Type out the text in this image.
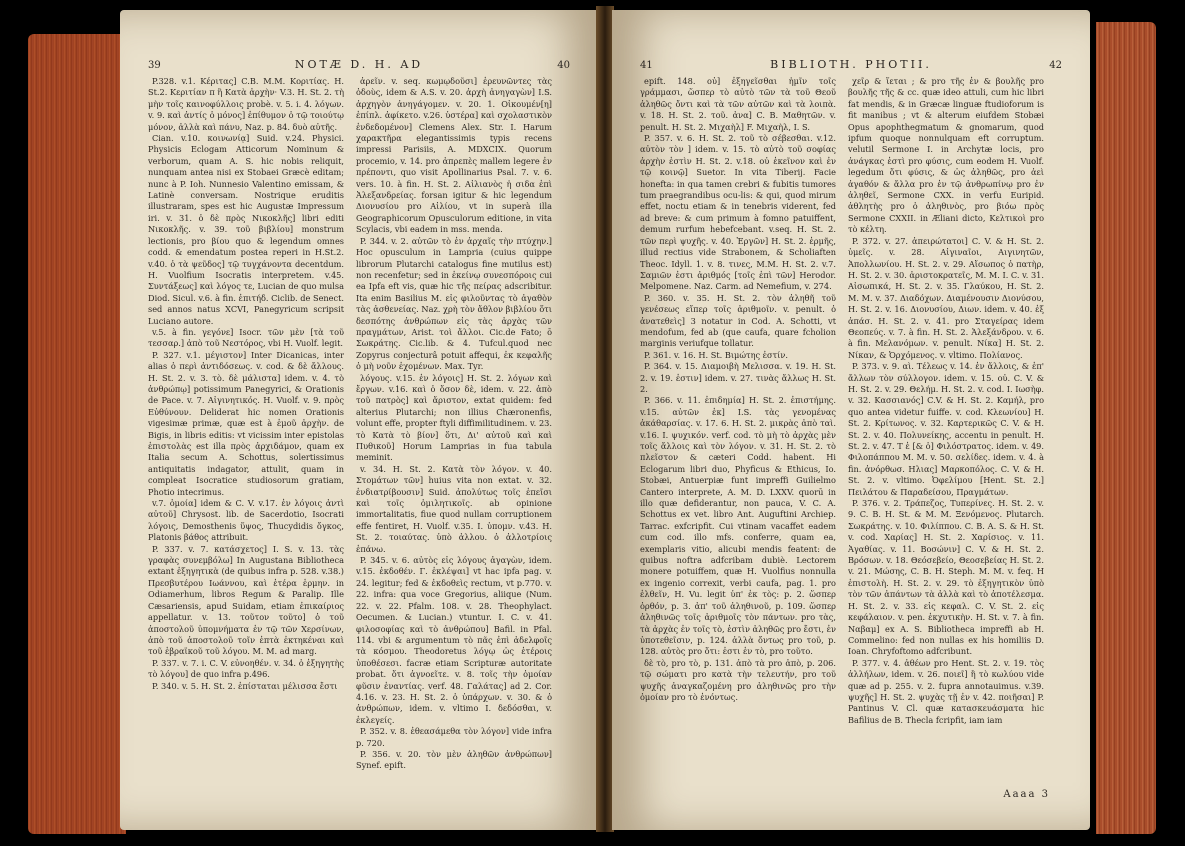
39	NOTÆ D. H. AD	40

P.328. v.1. Κέριτας] C.B. M.M. Κοριτίας. H. St.2. Κεριτίαν π ἢ Κατὰ ἀρχὴν· V.3. H. St. 2. τὴ μὴν τοῖς καινοφύλλοις probè. v. 5. i. 4. λόγων. v. 9. καὶ ἀντίς ὁ μόνος] ἐπίθυμον ὁ τῷ τοιούτῳ μόνον, ἀλλὰ καὶ πάνυ, Naz. p. 84. δυὸ αὐτῆς.

Cian. v.10. κοινωνίᾳ] Suid. v.24. Physici. Physicis Eclogam Atticorum Nominum & verborum, quam A. S. hic nobis reliquit, nunquam antea nisi ex Stobaei Græcè editam; nunc à P. Ioh. Nunnesio Valentino emissam, & Latinè conversam. Nostrique eruditis illustraram, spes est hic Augustæ Impressum iri. v. 31. ὁ δὲ πρὸς Νικοκλῆς] libri editi Νικοκλῆς. v. 39. τοῦ βιβλίου] monstrum lectionis, pro βίου quo & legendum omnes codd. & emendatum postea reperi in H.St.2. v.40. ὁ τὰ ψεῦδος] τῷ τυγχάνοντα decentdum. H. Vuolfium Isocratis interpretem. v.45. Συντάξεως] καὶ λόγος τε, Lucian de quo mulsa Diod. Sicul. v.6. à fin. ἐπιτήδ. Ciclib. de Senect. sed annos natus XCVI, Panegyricum scripsit Luciano autore.

v.5. à fin. γεγόνε] Isocr. τῶν μὲν [τὰ τοῦ τεσσαρ.] ἀπὸ τοῦ Νεστόρος, vbi H. Vuolf. legit.

P. 327. v.1. μέγιστον] Inter Dicanicas, inter alias ὁ περὶ ἀντιδόσεως. v. cod. & δὲ ἄλλους. H. St. 2. v. 3. τὸ. δὲ μάλιστα] idem. v. 4. τὸ ἀνθρώπῳ] potissimum Panegyrici, & Orationis de Pace. v. 7. Αἰγινητικός. H. Vuolf. v. 9. πρὸς Εὐθύνουν. Deliderat hic nomen Orationis vigesimæ primæ, quæ est à ἐμοῦ ἀρχὴν. de Bigis, in libris editis: vt vicissim inter epistolas ἐπιστολὰς est illa πρὸς ἀρχιδάμον, quam ex Italia secum A. Schottus, solertissimus antiquitatis indagator, attulit, quam in compleat Isocratice studiosorum gratiam, Photio intecrimus.

v.7. ὁμοία] idem & C. V. v.17. ἐν λόγοις ἀντὶ αὐτοῦ] Chrysost. lib. de Sacerdotio, Isocrati λόγοις, Demosthenis ὕψος, Thucydidis ὄγκος, Platonis βάθος attribuit.

P. 337. v. 7. κατάσχετος] I. S. v. 13. τὰς γραφὰς συνεμβόλω] In Augustana Bibliotheca extant ἐξηγητικὰ (de quibus infra p. 528. v.38.) Πρεσβυτέρου Ιωάννου, καὶ ἑτέρα ἑρμην. in Odiamerhum, libros Regum & Paralip. Ille Cæsariensis, apud Suidam, etiam ἐπικαίριος appellatur. v. 13. τοῦτον τοῦτο] ὁ τοῦ ἀποστολοῦ ὑπομνήματα ἐν τῷ τῶν Χερσίνων, ἀπὸ τοῦ ἀποστολοῦ τοῖν ἑπτὰ ἐκτηκέναι καὶ τοῦ ἑβραϊκοῦ τοῦ λόγου. M. M. ad marg.

P. 337. v. 7. i. C. V. εὐνοηθέν. v. 34. ὁ ἐξηγητὴς τὸ λόγου] de quo infra p.496.

P. 340. v. 5. H. St. 2. ἐπίσταται μέλισσα ἔστι

ἀρεῖν. v. seq. κωμῳδοῦσι] ἐρευνῶντες τὰς ὁδοὺς, idem & A.S. v. 20. ἀρχὴ ἀνηγαγὼν] I.S. ἀρχηγὸν ἀνηγάγομεν. v. 20. 1. Οἰκουμέν[η] ἐπίπλ. ἀφίκετο. v.26. ὑστέρα] καὶ σχολαστικὸν ἐνδεδομένον] Clemens Alex. Str. I. Harum χαρακτῆρα elegantissimis typis recens impressi Parisiis, A. MDXCIX. Quorum procemio, v. 14. pro ἀπρεπὲς mallem legere ἐν πρέποντι, quo visit Apollinarius Psal. 7. v. 6. vers. 10. à fin. H. St. 2. Αἰλιανὸς ἡ σιδα ἐπὶ Ἀλεξανδρείας. forsan igitur & hic legendum Διονυσίου pro Αἰλίου, vt in superà illa Geographicorum Opusculorum editione, in vita Scylacis, vbi eadem in mss. menda.

P. 344. v. 2. αὐτῶν τὸ ἐν ἀρχαῖς τὴν πτύχην.] Hoc opusculum in Lampria (cuius quippe librorum Plutarchi catalogus fine mutilus est) non recenfetur; sed in ἐκείνῳ συνεσπόροις cui ea Ipfa eft vis, quæ hic τῆς πείρας adscribitur. Ita enim Basilius M. εἰς φιλοῦντας τὸ ἀγαθὸν τὰς ἀσθενείας. Naz. χρὴ τὸν ἄθλον βιβλίου ὅτι δεσπότης ἀνθρώπων εἰς τὰς ἀρχὰς τῶν πραγμάτων, Arist. τοὶ ἄλλοι. Cic.de Fato; ō Σωκράτης. Cic.lib. & 4. Tufcul.quod nec Zopyrus conjecturâ potuit affequi, ἐκ κεφαλῆς ὁ μὴ νοῦν ἐχομένων. Max. Tyr.

λόγους. v.15. ἐν λόγοις] H. St. 2. λόγων καὶ ἔργων. v.16. καὶ ὁ ὅσον δὲ, idem. v. 22. ἀπὸ τοῦ πατρὸς] καὶ ἄριστον, extat quidem: fed alterius Plutarchi; non illius Chæronenfis, volunt effe, propter ftyli diffimilitudinem. v. 23. τὸ Κατὰ τὸ βίον] ὅτι, Δι' αὐτοῦ καὶ καὶ Πυθικοῦ] Horum Lamprias in fua tabula meminit.

v. 34. H. St. 2. Κατὰ τὸν λόγον. v. 40. Στομάτων τῶν] huius vita non extat. v. 32. ἐνδιατρίβουσιν] Suid. ἀπολύτως τοῖς ἐπεῖσι καὶ τοῖς ὁμιλητικοῖς. ab opinione immortalitatis, fiue quod nullam corruptionem effe fentiret, H. Vuolf. v.35. I. ὑπομν. v.43. H. St. 2. τοιαύτας. ὑπὸ ἀλλου. ὁ ἀλλοτρίοις ἐπάνω.

P. 345. v. 6. αὐτὸς εἰς λόγους ἀγαγὼν, idem. v.15. ἐκδοθέν. Γ. ἐκλέψαι] vt hac ipfa pag. v. 24. legitur; fed & ἐκδοθεὶς rectum, vt p.770. v. 22. infra: qua voce Gregorius, aliique (Num. 22. v. 22. Pfalm. 108. v. 28. Theophylact. Oecumen. & Lucian.) vtuntur. I. C. v. 41. φιλοσοφίας καὶ τὸ ἀνθρώπου] Bafil. in Pfal. 114. vbi & argumentum τὸ πᾶς ἐπὶ ἀδελφοῖς τὰ κόσμου. Theodoretus λόγῳ ὡς ἑτέροις ὑποθέσεσι. facræ etiam Scripturæ autoritate probat. ὅτι ἀγνοεῖτε. v. 8. τοῖς τὴν ὁμοίαν φῦσιν ἐναντίας. verf. 48. Γαλάτας] ad 2. Cor. 4.16. v. 23. H. St. 2. ὁ ὑπάρχων. v. 30. & ὁ ἀνθρώπων, idem. v. vltimo I. δεδόσθαι, v. ἐκλεγείς.

P. 352. v. 8. ἐθεασάμεθα τὸν λόγον] vide infra p. 720.

P. 356. v. 20. τὸν μὲν ἀληθῶν ἀνθρώπων] Synef. epift.

41	BIBLIOTH. PHOTII.	42

epift. 148. οὐ] ἐξηγεῖσθαι ἡμῖν τοῖς γράμμασι, ὥσπερ τὸ αὐτὸ τῶν τὰ τοῦ Θεοῦ ἀληθῶς ὄντι καὶ τὰ τῶν αὐτῶν καὶ τὰ λοιπὰ. v. 18. H. St. 2. τοῦ. ἀνα] C. B. Μαθητῶν. v. penult. H. St. 2. Μιχαὴλ] F. Μιχαὴλ, I. S.

P. 357. v. 6. H. St. 2. τοῦ τὸ σέβεσθαι. v.12. αὐτὸν τὸν ] idem. v. 15. τὸ αὐτὸ τοῦ σοφίας ἀρχὴν ἐστὶν H. St. 2. v.18. οὐ ἐκεῖνον καὶ ἐν τῷ κοινῷ] Suetor. In vita Tiberij. Facie honefta: in qua tamen crebri & fubitis tumores tum praegrandibus ocu-lis: & qui, quod mirum effet, noctu etiam & in tenebris viderent, fed ad breve: & cum primum à fomno patuiffent, demum rurfum hebefcebant. v.seq. H. St. 2. τῶν περὶ ψυχῆς. v. 40. Ἐργῶν] H. St. 2. ἑρμῆς, illud rectius vide Strabonem, & Scholiaften Theoc. Idyll. 1. v. 8. τινες, M.M. H. St. 2. v.7. Σαμιῶν ἐστι ἀριθμός [τοῖς ἐπὶ τῶν] Herodor. Melpomene. Naz. Carm. ad Nemefium, v. 274.

P. 360. v. 35. H. St. 2. τὸν ἀληθῆ τοῦ γενέσεως εἴπερ τοῖς ἀριθμοῖν. v. penult. ὁ ἀνατεθεὶς] 3 notatur in Cod. A. Schotti, vt mendofum, fed ab (que caufa, quare fcholion marginis veriufque tollatur.

P. 361. v. 16. H. St. Βιμώτης ἐστίν.

P. 364. v. 15. Διαμοιβὴ Μελισσα. v. 19. H. St. 2. v. 19. ἐστιν] idem. v. 27. τινὰς ἄλλως H. St. 2.

P. 366. v. 11. ἐπιδημία] H. St. 2. ἐπιστήμης. v.15. αὐτῶν ἐκ] I.S. τὰς γενομένας ἀκάθαρσίας. v. 17. 6. H. St. 2. μικρὰς ἀπὸ ταὶ. v.16. I. ψυχικόν. verf. cod. τὸ μὴ τὸ ἀρχὰς μὲν τοῖς ἄλλοις καὶ τὸν λόγον. v. 31. H. St. 2. τὸ πλεῖστον & cæteri Codd. habent. Hi Eclogarum libri duo, Phyficus & Ethicus, Io. Stobæi, Antuerpiæ funt impreffi Guilielmo Cantero interprete, A. M. D. LXXV. quorū in illo quæ defiderantur, non pauca, V. C. A. Schottus ex vet. libro Ant. Auguftini Archiep. Tarrac. exfcripfit. Cui vtinam vacaffet eadem cum cod. illo mfs. conferre, quam ea, exemplaris vitio, alicubi mendis featent: de quibus noftra adfcribam dubiè. Lectorem monere potuiffem, quæ H. Vuolfius nonnulla ex ingenio correxit, verbi caufa, pag. 1. pro ἐλθεῖν, H. Vu. legit ὑπ' ἐκ τὸς: p. 2. ὥσπερ ὀρθόν, p. 3. ἀπ' τοῦ ἀληθινοῦ, p. 109. ὥσπερ ἀληθινῶς τοῖς ἀριθμοῖς τὸν πάντων. pro τὰς, τὰ ἀρχὰς ἐν τοῖς τὸ, ἐστὶν ἀληθῶς pro ἔστι, ἐν ὑποτεθεῖσιν, p. 124. ἀλλὰ ὄντως pro τοῦ, p. 128. αὐτὸς pro ὅτι: ἐστι ἐν τὸ, pro τοῦτο.

δὲ τὸ, pro τὸ, p. 131. ἀπὸ τὰ pro ἀπὸ, p. 206. τῷ σώματι pro κατὰ τὴν τελευτήν, pro τοῦ ψυχῆς ἀναγκαζομένη pro ἀληθινῶς pro τὴν ὁμοίαν pro τὸ ἐνόντως.

χεῖρ & ἵεται ; & pro τῆς ἐν & βουλῆς pro βουλῆς τῆς & cc. quæ ideo attuli, cum hic libri fat mendis, & in Græcæ linguæ ftudioforum is fit manibus ; vt & alterum eiufdem Stobæi Opus apophthegmatum & gnomarum, quod ipfum quoque nonnulquam eft corruptum. velutil Sermone I. in Archytæ locis, pro ἀνάγκας ἐστὶ pro φύσις, cum eodem H. Vuolf. legedum ὅτι φύσις, & ὡς ἀληθῶς, pro ἀεὶ ἀγαθόν & ἄλλα pro ἐν τῷ ἀνθρωπίνῳ pro ἐν ἀληθεῖ, Sermone CXX. in verfu Euripid. ἀθλητὴς pro ὁ ἀληθινὸς, pro βιόω πρὸς Sermone CXXII. in Æliani dicto, Κελτικοὶ pro τὸ κέλτη.

P. 372. v. 27. ἀπειρώτατοι] C. V. & H. St. 2. ὑμεῖς. v. 28. Αἰγιναῖοι, Αιγινητῶν, Ἀπολλωνίου. H. St. 2. v. 29. Αἴσωπος ὁ πατὴρ, H. St. 2. v. 30. ἀριστοκρατεῖς, M. M. I. C. v. 31. Αἰσωπικά, H. St. 2. v. 35. Γλαύκου, H. St. 2. M. M. v. 37. Διαδόχων. Διαμένουσιν Διονύσου, H. St. 2. v. 16. Διονυσίου, Διων. idem. v. 40. ἐξ ἁπάσ. H. St. 2. v. 41. pro Σταγείρας idem Θεοπεύς. v. 7. à fin. H. St. 2. Ἀλεξάνδρου. v. 6. à fin. Μελανόμων. v. penult. Νίκα] H. St. 2. Νίκαν, & Ὀρχόμενος. v. vltimo. Πολίανος.

P. 373. v. 9. αὶ. Τέλεως v. 14. ἐν ἄλλοις, & ἐπ' ἄλλων τὸν σύλλογον. idem. v. 15. οὐ. C. V. & H. St. 2. v. 29. Θελήμ. H. St. 2. v. cod. Ι. Ιωσὴφ. v. 32. Κασσιανός] C.V. & H. St. 2. Καμήλ, pro quo antea videtur fuiffe. v. cod. Κλεωνίου] H. St. 2. Κρίτωνος. v. 32. Καρτερικῶς C. V. & H. St. 2. v. 40. Πολυνείκης, accentu in penult. H. St. 2. v. 47. Τ ἑ [& ὁ] Φιλόστρατος. idem. v. 49. Φιλοπάππου M. M. v. 50. σελίδες. idem. v. 4. à fin. ἀνόρθωσ. Ηλιας] Μαρκοπόλος. C. V. & H. St. 2. v. vltimo. Ὀφελίμου [Hent. St. 2.] Πειλάτου & Παραδείσου, Πραγμάτων.

P. 376. v. 2. Τράπεζος, Τυπερίνες. H. St. 2. v. 9. C. B. H. St. & M. M. Ξενόμενος. Plutarch. Σωκράτης. v. 10. Φιλίππου. C. B. A. S. & H. St. v. cod. Χαρίας] H. St. 2. Χαρίσιος. v. 11. Ἀγαθίας. v. 11. Βοσώνιν] C. V. & H. St. 2. Βρόσων. v. 18. Θεόσεβείο, Θεοσεβείας H. St. 2. v. 21. Μώσης, C. B. H. Steph. M. M. v. feq. Η ἐπιστολὴ. H. St. 2. v. 29. τὸ ἐξηγητικὸν ὑπὸ τὸν τῶν ἀπάντων τὰ ἀλλὰ καὶ τὸ ἀποτέλεσμα. H. St. 2. v. 33. εἰς κεφαλ. C. V. St. 2. εἰς κεφάλαιον. v. pen. ἐκχυτικὴν. H. St. v. 7. à fin. Ναβαμ] ex A. S. Bibliotheca impreffi ab H. Commelino: fed non nullas ex his homiliis D. Ioan. Chryfoftomo adfcribunt.

P. 377. v. 4. ἀθέων pro Hent. St. 2. v. 19. τὸς ἀλλήλων, idem. v. 26. ποιεῖ] ἢ τὸ κωλύου vide quæ ad p. 255. v. 2. fupra annotauimus. v.39. ψυχῆς] H. St. 2. ψυχὰς τῇ ἐν v. 42. ποιῆσαι] P. Pantinus V. Cl. quæ κατασκευάσματα hic Bafilius de B. Thecla fcripfit, iam iam

Aaaa 3
